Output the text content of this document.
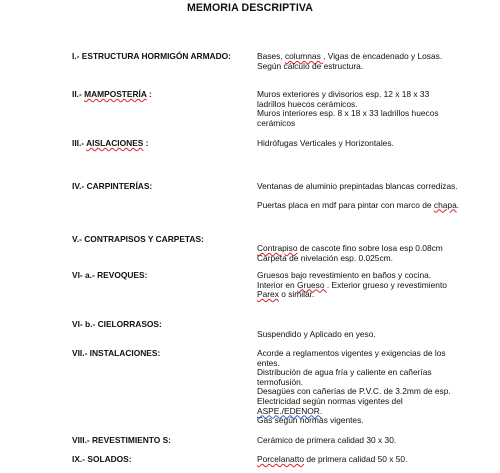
MEMORIA DESCRIPTIVA
I.- ESTRUCTURA HORMIGÓN ARMADO:	Bases, columnas , Vigas de encadenado y Losas.

Según cálculo de estructura.

II.- MAMPOSTERÍA :	Muros exteriores y divisorios esp. 12 x 18 x 33

ladrillos huecos cerámicos.

Muros interiores esp. 8 x 18 x 33 ladrillos huecos

cerámicos

III.- AISLACIONES :	Hidrófugas Verticales y Horizontales.

IV.- CARPINTERÍAS:	Ventanas de aluminio prepintadas blancas corredizas.

Puertas placa en mdf para pintar con marco de chapa.

V.- CONTRAPISOS Y CARPETAS:

Contrapiso de cascote fino sobre losa esp 0.08cm

Carpeta de nivelación esp. 0.025cm.

VI- a.- REVOQUES:	Gruesos bajo revestimiento en baños y cocina.

Interior en Grueso . Exterior grueso y revestimiento

Parex o similar.

VI- b.- CIELORRASOS:

Suspendido y Aplicado en yeso.

VII.- INSTALACIONES:	Acorde a reglamentos vigentes y exigencias de los

entes.

Distribución de agua fría y caliente en cañerías

termofusión.

Desagües con cañerías de P.V.C. de 3.2mm de esp.

Electricidad según normas vigentes del

ASPE./EDENOR.

Gas según normas vigentes.

VIII.- REVESTIMIENTO S:	Cerámico de primera calidad 30 x 30.

IX.- SOLADOS:	Porcelanatto de primera calidad 50 x 50.
